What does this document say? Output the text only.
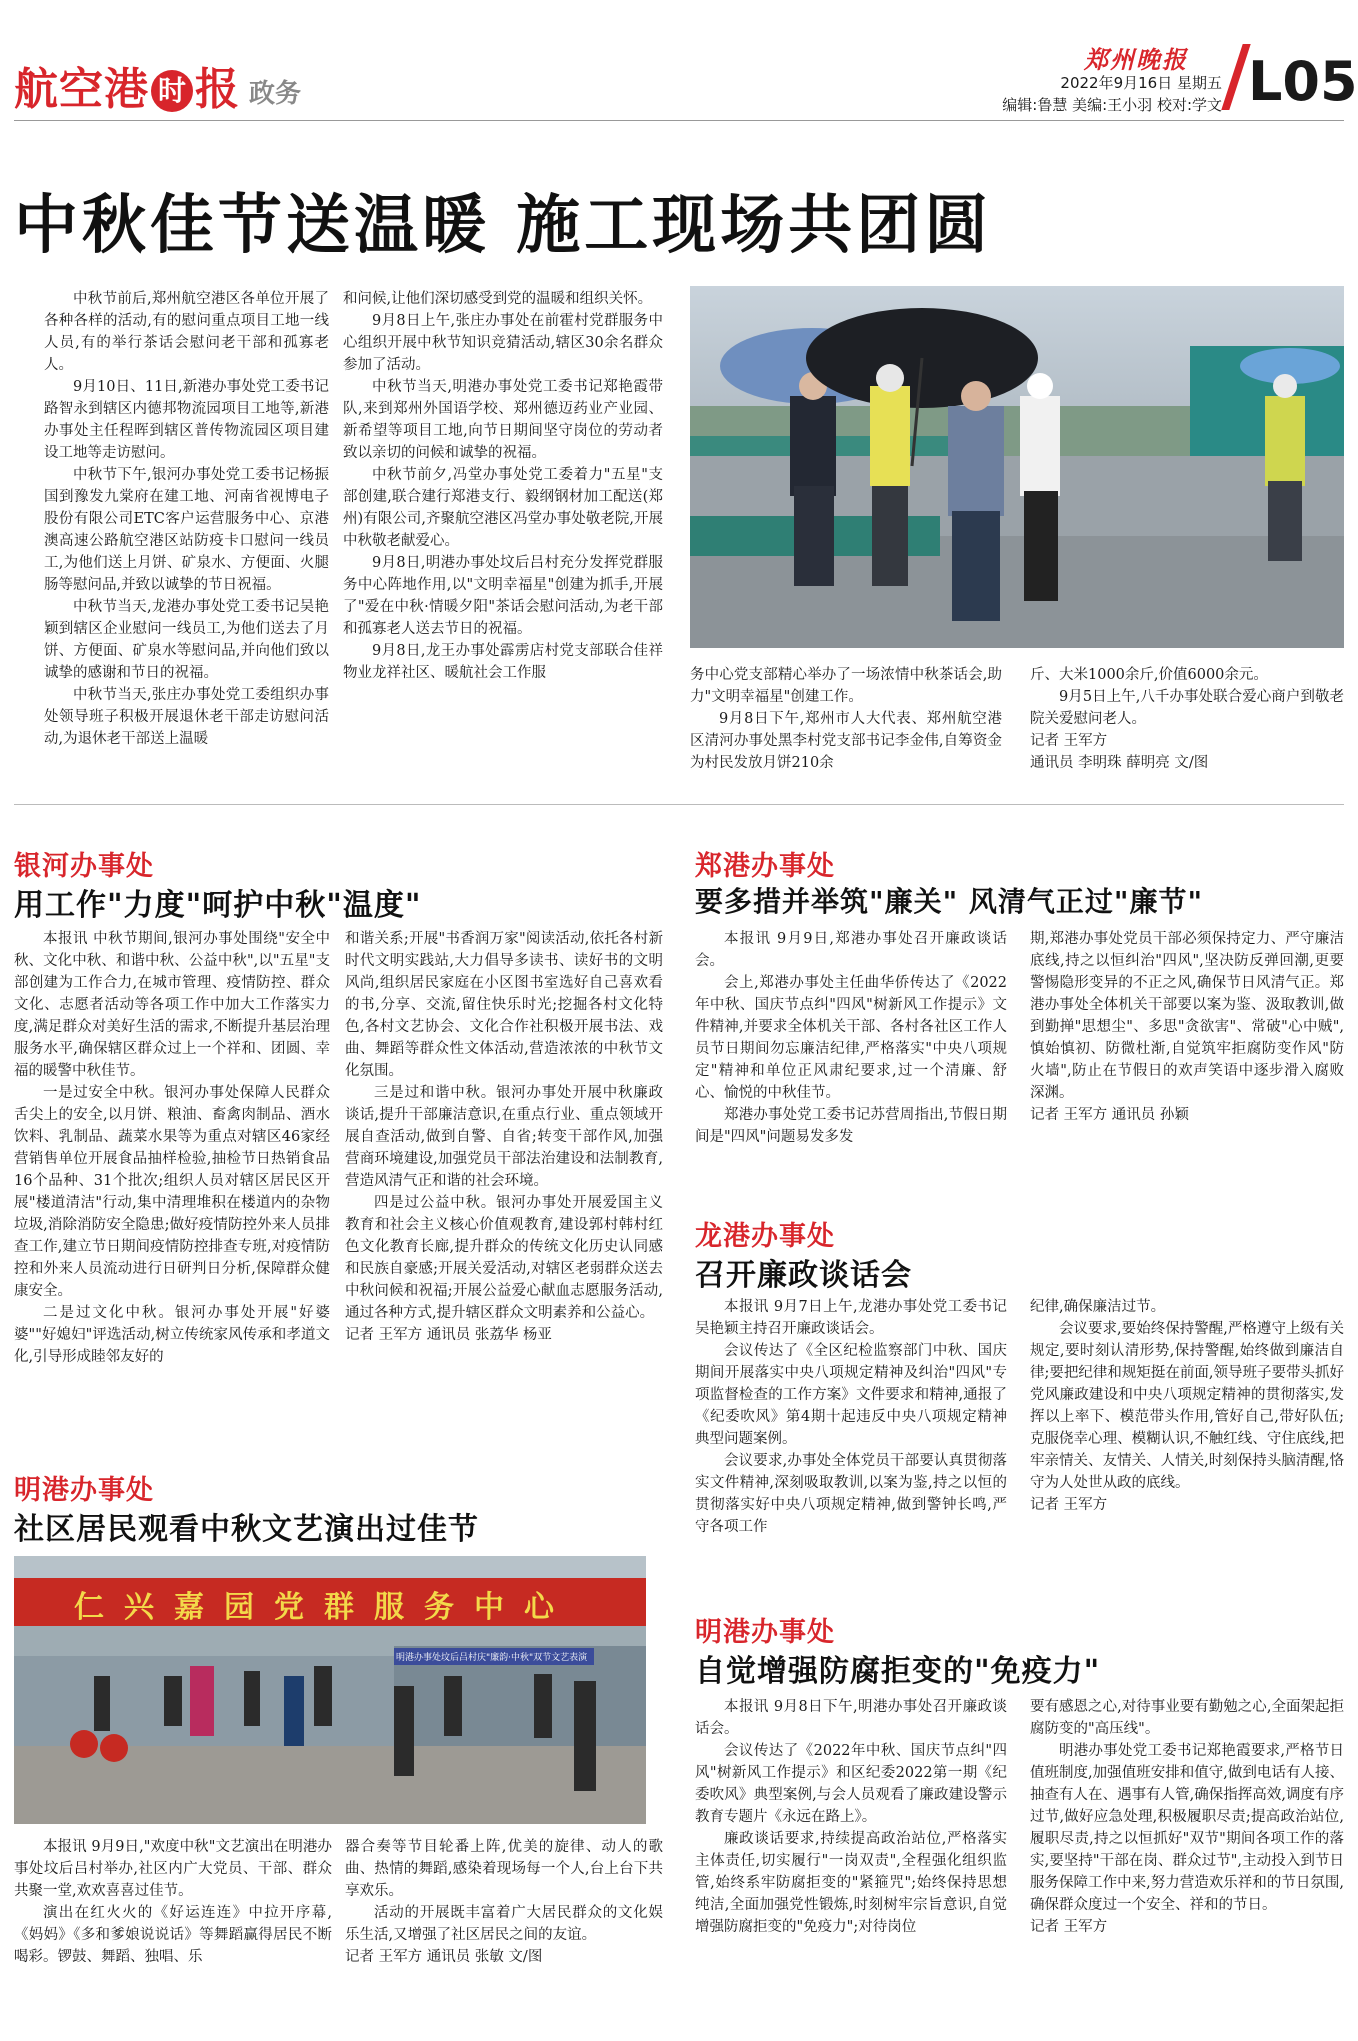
航空港 时 报 政务
郑州晚报
2022年9月16日 星期五
编辑:鲁慧 美编:王小羽 校对:学文 L05
中秋佳节送温暖 施工现场共团圆

中秋节前后,郑州航空港区各单位开展了各种各样的活动,有的慰问重点项目工地一线人员,有的举行茶话会慰问老干部和孤寡老人。

9月10日、11日,新港办事处党工委书记路智永到辖区内德邦物流园项目工地等,新港办事处主任程晖到辖区普传物流园区项目建设工地等走访慰问。

中秋节下午,银河办事处党工委书记杨振国到豫发九棠府在建工地、河南省视博电子股份有限公司ETC客户运营服务中心、京港澳高速公路航空港区站防疫卡口慰问一线员工,为他们送上月饼、矿泉水、方便面、火腿肠等慰问品,并致以诚挚的节日祝福。

中秋节当天,龙港办事处党工委书记吴艳颖到辖区企业慰问一线员工,为他们送去了月饼、方便面、矿泉水等慰问品,并向他们致以诚挚的感谢和节日的祝福。

中秋节当天,张庄办事处党工委组织办事处领导班子积极开展退休老干部走访慰问活动,为退休老干部送上温暖

和问候,让他们深切感受到党的温暖和组织关怀。

9月8日上午,张庄办事处在前霍村党群服务中心组织开展中秋节知识竞猜活动,辖区30余名群众参加了活动。

中秋节当天,明港办事处党工委书记郑艳霞带队,来到郑州外国语学校、郑州德迈药业产业园、新希望等项目工地,向节日期间坚守岗位的劳动者致以亲切的问候和诚挚的祝福。

中秋节前夕,冯堂办事处党工委着力"五星"支部创建,联合建行郑港支行、毅纲钢材加工配送(郑州)有限公司,齐聚航空港区冯堂办事处敬老院,开展中秋敬老献爱心。

9月8日,明港办事处坟后吕村充分发挥党群服务中心阵地作用,以"文明幸福星"创建为抓手,开展了"爱在中秋·情暖夕阳"茶话会慰问活动,为老干部和孤寡老人送去节日的祝福。

9月8日,龙王办事处霹雳店村党支部联合佳祥物业龙祥社区、暖航社会工作服	务中心党支部精心举办了一场浓情中秋茶话会,助力"文明幸福星"创建工作。

9月8日下午,郑州市人大代表、郑州航空港区清河办事处黑李村党支部书记李金伟,自筹资金为村民发放月饼210余

斤、大米1000余斤,价值6000余元。

9月5日上午,八千办事处联合爱心商户到敬老院关爱慰问老人。

记者 王军方

通讯员 李明珠 薛明亮 文/图

银河办事处
用工作"力度"呵护中秋"温度"

本报讯 中秋节期间,银河办事处围绕"安全中秋、文化中秋、和谐中秋、公益中秋",以"五星"支部创建为工作合力,在城市管理、疫情防控、群众文化、志愿者活动等各项工作中加大工作落实力度,满足群众对美好生活的需求,不断提升基层治理服务水平,确保辖区群众过上一个祥和、团圆、幸福的暖警中秋佳节。

一是过安全中秋。银河办事处保障人民群众舌尖上的安全,以月饼、粮油、畜禽肉制品、酒水饮料、乳制品、蔬菜水果等为重点对辖区46家经营销售单位开展食品抽样检验,抽检节日热销食品16个品种、31个批次;组织人员对辖区居民区开展"楼道清洁"行动,集中清理堆积在楼道内的杂物垃圾,消除消防安全隐患;做好疫情防控外来人员排查工作,建立节日期间疫情防控排查专班,对疫情防控和外来人员流动进行日研判日分析,保障群众健康安全。

二是过文化中秋。银河办事处开展"好婆婆""好媳妇"评选活动,树立传统家风传承和孝道文化,引导形成睦邻友好的

和谐关系;开展"书香润万家"阅读活动,依托各村新时代文明实践站,大力倡导多读书、读好书的文明风尚,组织居民家庭在小区图书室选好自己喜欢看的书,分享、交流,留住快乐时光;挖掘各村文化特色,各村文艺协会、文化合作社积极开展书法、戏曲、舞蹈等群众性文体活动,营造浓浓的中秋节文化氛围。

三是过和谐中秋。银河办事处开展中秋廉政谈话,提升干部廉洁意识,在重点行业、重点领域开展自查活动,做到自警、自省;转变干部作风,加强营商环境建设,加强党员干部法治建设和法制教育,营造风清气正和谐的社会环境。

四是过公益中秋。银河办事处开展爱国主义教育和社会主义核心价值观教育,建设郭村韩村红色文化教育长廊,提升群众的传统文化历史认同感和民族自豪感;开展关爱活动,对辖区老弱群众送去中秋问候和祝福;开展公益爱心献血志愿服务活动,通过各种方式,提升辖区群众文明素养和公益心。

记者 王军方 通讯员 张荔华 杨亚

明港办事处
社区居民观看中秋文艺演出过佳节
仁兴嘉园党群服务中心
明港办事处坟后吕村庆"廉韵·中秋"双节文艺表演

本报讯 9月9日,"欢度中秋"文艺演出在明港办事处坟后吕村举办,社区内广大党员、干部、群众共聚一堂,欢欢喜喜过佳节。

演出在红火火的《好运连连》中拉开序幕,《妈妈》《多和爹娘说说话》等舞蹈赢得居民不断喝彩。锣鼓、舞蹈、独唱、乐

器合奏等节目轮番上阵,优美的旋律、动人的歌曲、热情的舞蹈,感染着现场每一个人,台上台下共享欢乐。

活动的开展既丰富着广大居民群众的文化娱乐生活,又增强了社区居民之间的友谊。

记者 王军方 通讯员 张敏 文/图

郑港办事处
要多措并举筑"廉关" 风清气正过"廉节"

本报讯 9月9日,郑港办事处召开廉政谈话会。

会上,郑港办事处主任曲华侨传达了《2022年中秋、国庆节点纠"四风"树新风工作提示》文件精神,并要求全体机关干部、各村各社区工作人员节日期间勿忘廉洁纪律,严格落实"中央八项规定"精神和单位正风肃纪要求,过一个清廉、舒心、愉悦的中秋佳节。

郑港办事处党工委书记苏营周指出,节假日期间是"四风"问题易发多发

期,郑港办事处党员干部必须保持定力、严守廉洁底线,持之以恒纠治"四风",坚决防反弹回潮,更要警惕隐形变异的不正之风,确保节日风清气正。郑港办事处全体机关干部要以案为鉴、汲取教训,做到勤掸"思想尘"、多思"贪欲害"、常破"心中贼",慎始慎初、防微杜渐,自觉筑牢拒腐防变作风"防火墙",防止在节假日的欢声笑语中逐步滑入腐败深渊。

记者 王军方 通讯员 孙颖

龙港办事处
召开廉政谈话会

本报讯 9月7日上午,龙港办事处党工委书记吴艳颖主持召开廉政谈话会。

会议传达了《全区纪检监察部门中秋、国庆期间开展落实中央八项规定精神及纠治"四风"专项监督检查的工作方案》文件要求和精神,通报了《纪委吹风》第4期十起违反中央八项规定精神典型问题案例。

会议要求,办事处全体党员干部要认真贯彻落实文件精神,深刻吸取教训,以案为鉴,持之以恒的贯彻落实好中央八项规定精神,做到警钟长鸣,严守各项工作

纪律,确保廉洁过节。

会议要求,要始终保持警醒,严格遵守上级有关规定,要时刻认清形势,保持警醒,始终做到廉洁自律;要把纪律和规矩挺在前面,领导班子要带头抓好党风廉政建设和中央八项规定精神的贯彻落实,发挥以上率下、模范带头作用,管好自己,带好队伍;克服侥幸心理、模糊认识,不触红线、守住底线,把牢亲情关、友情关、人情关,时刻保持头脑清醒,恪守为人处世从政的底线。

记者 王军方

明港办事处
自觉增强防腐拒变的"免疫力"

本报讯 9月8日下午,明港办事处召开廉政谈话会。

会议传达了《2022年中秋、国庆节点纠"四风"树新风工作提示》和区纪委2022第一期《纪委吹风》典型案例,与会人员观看了廉政建设警示教育专题片《永远在路上》。

廉政谈话要求,持续提高政治站位,严格落实主体责任,切实履行"一岗双责",全程强化组织监管,始终系牢防腐拒变的"紧箍咒";始终保持思想纯洁,全面加强党性锻炼,时刻树牢宗旨意识,自觉增强防腐拒变的"免疫力";对待岗位

要有感恩之心,对待事业要有勤勉之心,全面架起拒腐防变的"高压线"。

明港办事处党工委书记郑艳霞要求,严格节日值班制度,加强值班安排和值守,做到电话有人接、抽查有人在、遇事有人管,确保指挥高效,调度有序过节,做好应急处理,积极履职尽责;提高政治站位,履职尽责,持之以恒抓好"双节"期间各项工作的落实,要坚持"干部在岗、群众过节",主动投入到节日服务保障工作中来,努力营造欢乐祥和的节日氛围,确保群众度过一个安全、祥和的节日。

记者 王军方
